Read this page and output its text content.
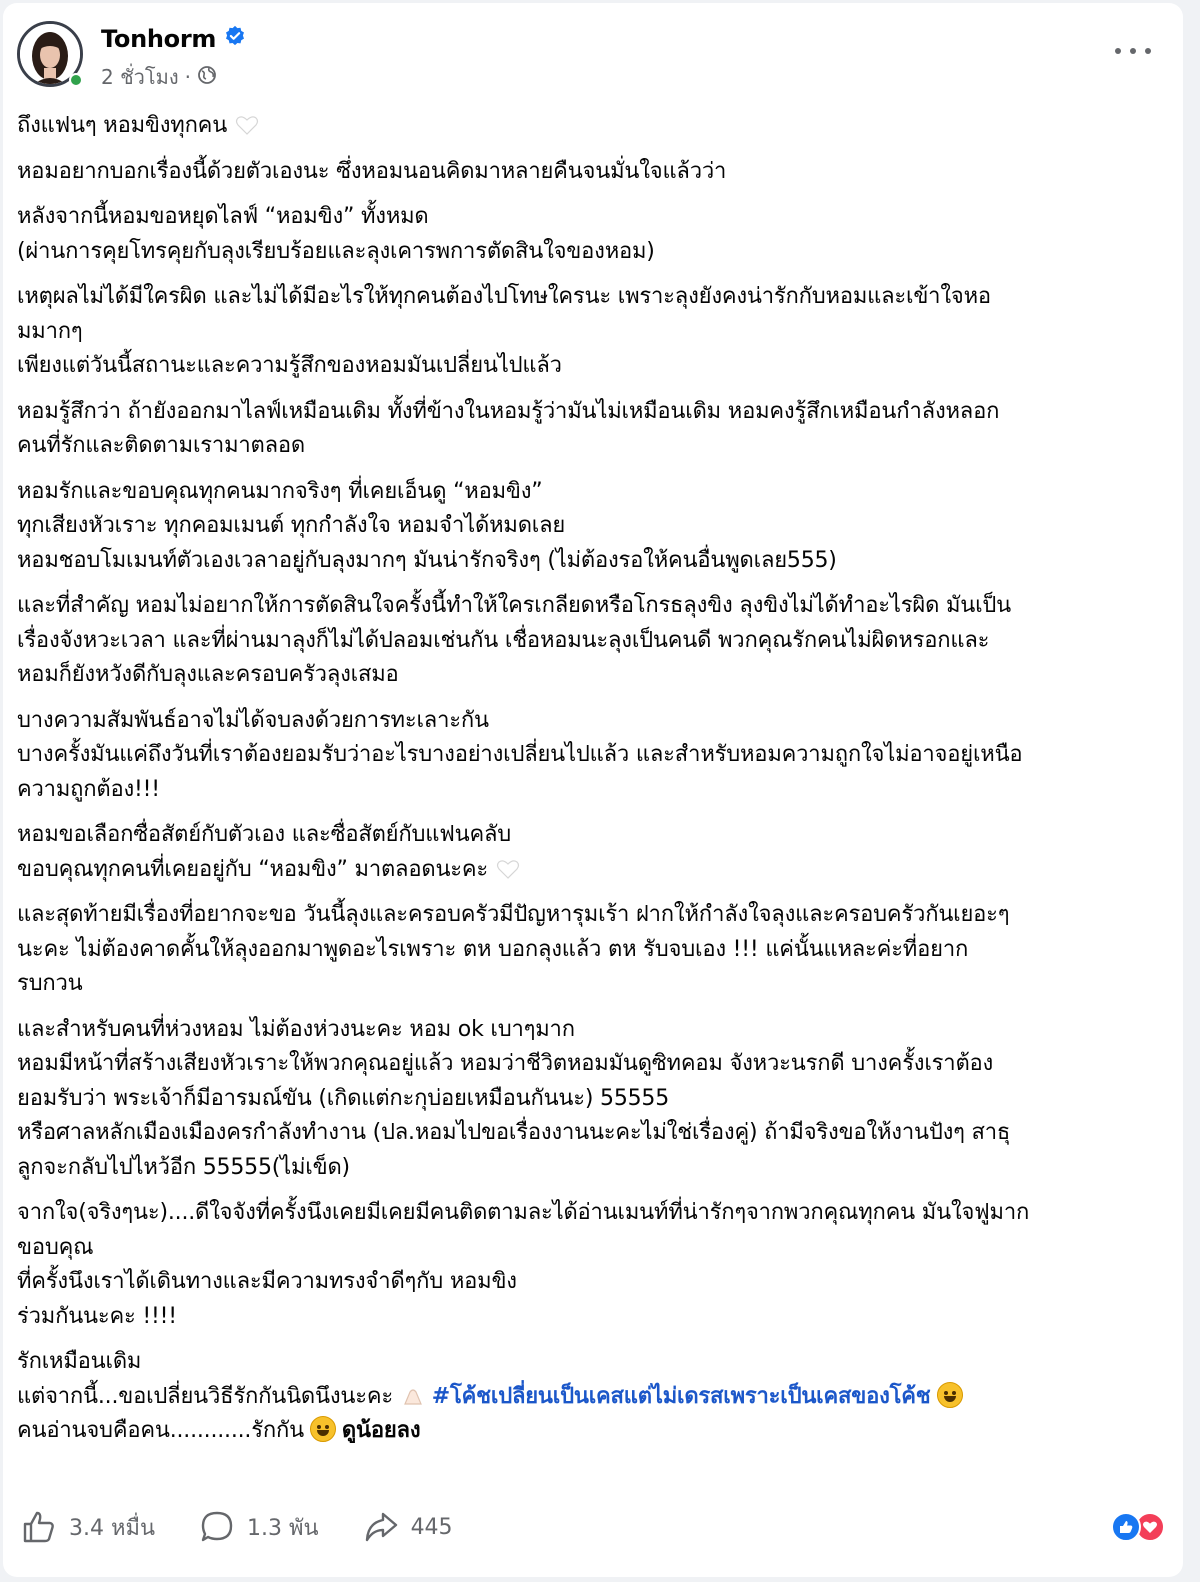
Tonhorm
2 ชั่วโมง ·

ถึงแฟนๆ หอมขิงทุกคน

หอมอยากบอกเรื่องนี้ด้วยตัวเองนะ ซึ่งหอมนอนคิดมาหลายคืนจนมั่นใจแล้วว่า

หลังจากนี้หอมขอหยุดไลฟ์ “หอมขิง” ทั้งหมด
(ผ่านการคุยโทรคุยกับลุงเรียบร้อยและลุงเคารพการตัดสินใจของหอม)

เหตุผลไม่ได้มีใครผิด และไม่ได้มีอะไรให้ทุกคนต้องไปโทษใครนะ เพราะลุงยังคงน่ารักกับหอมและเข้าใจหอ
มมากๆ
เพียงแต่วันนี้สถานะและความรู้สึกของหอมมันเปลี่ยนไปแล้ว

หอมรู้สึกว่า ถ้ายังออกมาไลฟ์เหมือนเดิม ทั้งที่ข้างในหอมรู้ว่ามันไม่เหมือนเดิม หอมคงรู้สึกเหมือนกำลังหลอก
คนที่รักและติดตามเรามาตลอด

หอมรักและขอบคุณทุกคนมากจริงๆ ที่เคยเอ็นดู “หอมขิง”
ทุกเสียงหัวเราะ ทุกคอมเมนต์ ทุกกำลังใจ หอมจำได้หมดเลย
หอมชอบโมเมนท์ตัวเองเวลาอยู่กับลุงมากๆ มันน่ารักจริงๆ (ไม่ต้องรอให้คนอื่นพูดเลย555)

และที่สำคัญ หอมไม่อยากให้การตัดสินใจครั้งนี้ทำให้ใครเกลียดหรือโกรธลุงขิง ลุงขิงไม่ได้ทำอะไรผิด มันเป็น
เรื่องจังหวะเวลา และที่ผ่านมาลุงก็ไม่ได้ปลอมเช่นกัน เชื่อหอมนะลุงเป็นคนดี พวกคุณรักคนไม่ผิดหรอกและ
หอมก็ยังหวังดีกับลุงและครอบครัวลุงเสมอ

บางความสัมพันธ์อาจไม่ได้จบลงด้วยการทะเลาะกัน
บางครั้งมันแค่ถึงวันที่เราต้องยอมรับว่าอะไรบางอย่างเปลี่ยนไปแล้ว และสำหรับหอมความถูกใจไม่อาจอยู่เหนือ
ความถูกต้อง!!!

หอมขอเลือกซื่อสัตย์กับตัวเอง และซื่อสัตย์กับแฟนคลับ
ขอบคุณทุกคนที่เคยอยู่กับ “หอมขิง” มาตลอดนะคะ

และสุดท้ายมีเรื่องที่อยากจะขอ วันนี้ลุงและครอบครัวมีปัญหารุมเร้า ฝากให้กำลังใจลุงและครอบครัวกันเยอะๆ
นะคะ ไม่ต้องคาดคั้นให้ลุงออกมาพูดอะไรเพราะ ตห บอกลุงแล้ว ตห รับจบเอง !!! แค่นั้นแหละค่ะที่อยาก
รบกวน

และสำหรับคนที่ห่วงหอม ไม่ต้องห่วงนะคะ หอม ok เบาๆมาก
หอมมีหน้าที่สร้างเสียงหัวเราะให้พวกคุณอยู่แล้ว หอมว่าชีวิตหอมมันดูซิทคอม จังหวะนรกดี บางครั้งเราต้อง
ยอมรับว่า พระเจ้าก็มีอารมณ์ขัน (เกิดแต่กะกุบ่อยเหมือนกันนะ) 55555
หรือศาลหลักเมืองเมืองครกำลังทำงาน (ปล.หอมไปขอเรื่องงานนะคะไม่ใช่เรื่องคู่) ถ้ามีจริงขอให้งานปังๆ สาธุ
ลูกจะกลับไปไหว้อีก 55555(ไม่เข็ด)

จากใจ(จริงๆนะ)....ดีใจจังที่ครั้งนึงเคยมีเคยมีคนติดตามละได้อ่านเมนท์ที่น่ารักๆจากพวกคุณทุกคน มันใจฟูมาก
ขอบคุณ
ที่ครั้งนึงเราได้เดินทางและมีความทรงจำดีๆกับ หอมขิง
ร่วมกันนะคะ !!!!

รักเหมือนเดิม
แต่จากนี้...ขอเปลี่ยนวิธีรักกันนิดนึงนะคะ #โค้ชเปลี่ยนเป็นเคสแต่ไม่เดรสเพราะเป็นเคสของโค้ช

คนอ่านจบคือคน............รักกัน ดูน้อยลง

3.4 หมื่น	1.3 พัน	445
